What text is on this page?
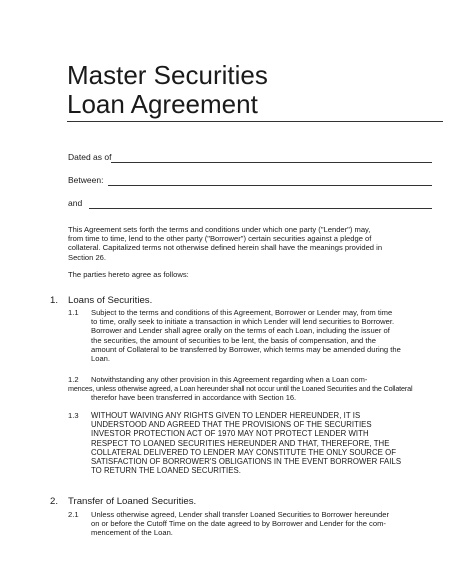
Master Securities
Loan Agreement
Dated as of
Between:
and
This Agreement sets forth the terms and conditions under which one party ("Lender") may,
from time to time, lend to the other party ("Borrower") certain securities against a pledge of
collateral. Capitalized terms not otherwise defined herein shall have the meanings provided in
Section 26.
The parties hereto agree as follows:
1. Loans of Securities.
1.1 Subject to the terms and conditions of this Agreement, Borrower or Lender may, from time
to time, orally seek to initiate a transaction in which Lender will lend securities to Borrower.
Borrower and Lender shall agree orally on the terms of each Loan, including the issuer of
the securities, the amount of securities to be lent, the basis of compensation, and the
amount of Collateral to be transferred by Borrower, which terms may be amended during the
Loan.
1.2 Notwithstanding any other provision in this Agreement regarding when a Loan com-
mences, unless otherwise agreed, a Loan hereunder shall not occur until the Loaned Securities and the Collateral
therefor have been transferred in accordance with Section 16.
1.3 WITHOUT WAIVING ANY RIGHTS GIVEN TO LENDER HEREUNDER, IT IS
UNDERSTOOD AND AGREED THAT THE PROVISIONS OF THE SECURITIES
INVESTOR PROTECTION ACT OF 1970 MAY NOT PROTECT LENDER WITH
RESPECT TO LOANED SECURITIES HEREUNDER AND THAT, THEREFORE, THE
COLLATERAL DELIVERED TO LENDER MAY CONSTITUTE THE ONLY SOURCE OF
SATISFACTION OF BORROWER'S OBLIGATIONS IN THE EVENT BORROWER FAILS
TO RETURN THE LOANED SECURITIES.
2. Transfer of Loaned Securities.
2.1 Unless otherwise agreed, Lender shall transfer Loaned Securities to Borrower hereunder
on or before the Cutoff Time on the date agreed to by Borrower and Lender for the com-
mencement of the Loan.
